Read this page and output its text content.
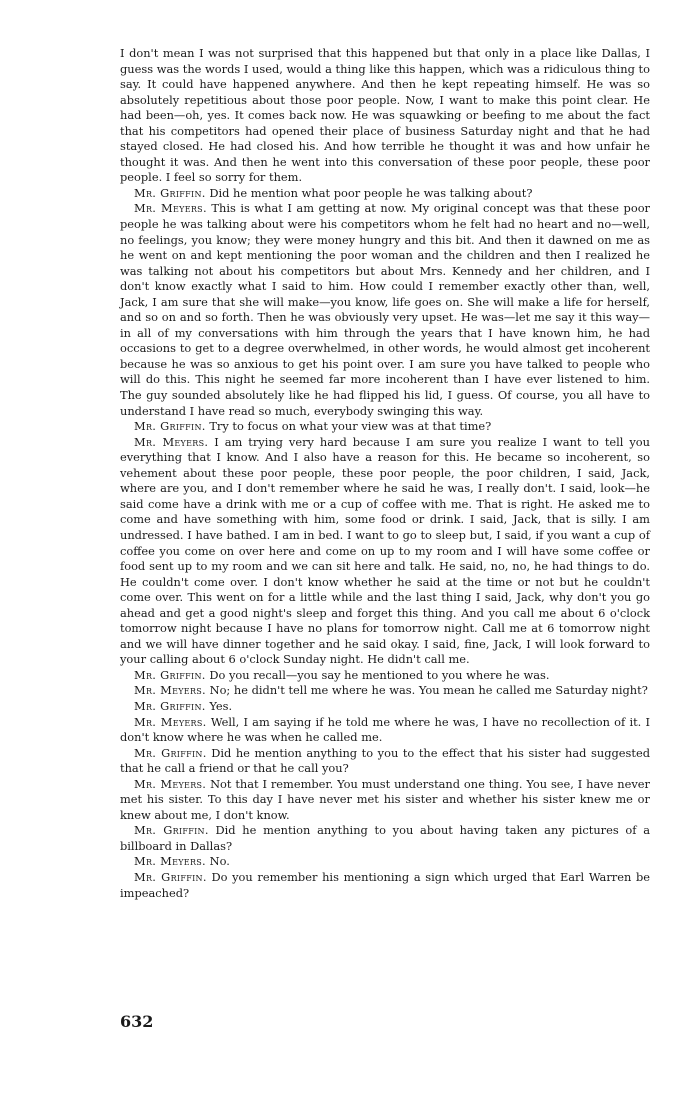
I don't mean I was not surprised that this happened but that only in a place like Dallas, I guess was the words I used, would a thing like this happen, which was a ridiculous thing to say. It could have happened anywhere. And then he kept repeating himself. He was so absolutely repetitious about those poor people. Now, I want to make this point clear. He had been—oh, yes. It comes back now. He was squawking or beefing to me about the fact that his competitors had opened their place of business Saturday night and that he had stayed closed. He had closed his. And how terrible he thought it was and how unfair he thought it was. And then he went into this conversation of these poor people, these poor people. I feel so sorry for them.

Mr. Griffin. Did he mention what poor people he was talking about?

Mr. Meyers. This is what I am getting at now. My original concept was that these poor people he was talking about were his competitors whom he felt had no heart and no—well, no feelings, you know; they were money hungry and this bit. And then it dawned on me as he went on and kept mentioning the poor woman and the children and then I realized he was talking not about his competitors but about Mrs. Kennedy and her children, and I don't know exactly what I said to him. How could I remember exactly other than, well, Jack, I am sure that she will make—you know, life goes on. She will make a life for herself, and so on and so forth. Then he was obviously very upset. He was—let me say it this way—in all of my conversations with him through the years that I have known him, he had occasions to get to a degree overwhelmed, in other words, he would almost get incoherent because he was so anxious to get his point over. I am sure you have talked to people who will do this. This night he seemed far more incoherent than I have ever listened to him. The guy sounded absolutely like he had flipped his lid, I guess. Of course, you all have to understand I have read so much, everybody swinging this way.

Mr. Griffin. Try to focus on what your view was at that time?

Mr. Meyers. I am trying very hard because I am sure you realize I want to tell you everything that I know. And I also have a reason for this. He became so incoherent, so vehement about these poor people, these poor people, the poor children, I said, Jack, where are you, and I don't remember where he said he was, I really don't. I said, look—he said come have a drink with me or a cup of coffee with me. That is right. He asked me to come and have something with him, some food or drink. I said, Jack, that is silly. I am undressed. I have bathed. I am in bed. I want to go to sleep but, I said, if you want a cup of coffee you come on over here and come on up to my room and I will have some coffee or food sent up to my room and we can sit here and talk. He said, no, no, he had things to do. He couldn't come over. I don't know whether he said at the time or not but he couldn't come over. This went on for a little while and the last thing I said, Jack, why don't you go ahead and get a good night's sleep and forget this thing. And you call me about 6 o'clock tomorrow night because I have no plans for tomorrow night. Call me at 6 tomorrow night and we will have dinner together and he said okay. I said, fine, Jack, I will look forward to your calling about 6 o'clock Sunday night. He didn't call me.

Mr. Griffin. Do you recall—you say he mentioned to you where he was.

Mr. Meyers. No; he didn't tell me where he was. You mean he called me Saturday night?

Mr. Griffin. Yes.

Mr. Meyers. Well, I am saying if he told me where he was, I have no recollection of it. I don't know where he was when he called me.

Mr. Griffin. Did he mention anything to you to the effect that his sister had suggested that he call a friend or that he call you?

Mr. Meyers. Not that I remember. You must understand one thing. You see, I have never met his sister. To this day I have never met his sister and whether his sister knew me or knew about me, I don't know.

Mr. Griffin. Did he mention anything to you about having taken any pictures of a billboard in Dallas?

Mr. Meyers. No.

Mr. Griffin. Do you remember his mentioning a sign which urged that Earl Warren be impeached?

632
